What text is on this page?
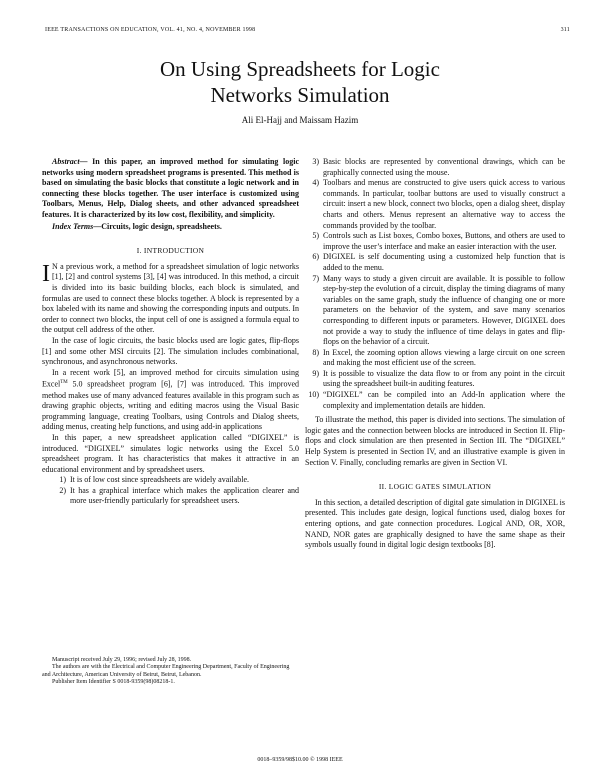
IEEE TRANSACTIONS ON EDUCATION, VOL. 41, NO. 4, NOVEMBER 1998	311
On Using Spreadsheets for Logic
Networks Simulation
Ali El-Hajj and Maissam Hazim

Abstract— In this paper, an improved method for simulating logic networks using modern spreadsheet programs is presented. This method is based on simulating the basic blocks that constitute a logic network and in connecting these blocks together. The user interface is customized using Toolbars, Menus, Help, Dialog sheets, and other advanced spreadsheet features. It is characterized by its low cost, flexibility, and simplicity.

Index Terms—Circuits, logic design, spreadsheets.

I. INTRODUCTION

I N a previous work, a method for a spreadsheet simulation of logic networks [1], [2] and control systems [3], [4] was introduced. In this method, a circuit is divided into its basic building blocks, each block is simulated, and formulas are used to connect these blocks together. A block is represented by a box labeled with its name and showing the corresponding inputs and outputs. In order to connect two blocks, the input cell of one is assigned a formula equal to the output cell address of the other.

In the case of logic circuits, the basic blocks used are logic gates, flip-flops [1] and some other MSI circuits [2]. The simulation includes combinational, synchronous, and asynchronous networks.

In a recent work [5], an improved method for circuits simulation using Excel™ 5.0 spreadsheet program [6], [7] was introduced. This improved method makes use of many advanced features available in this program such as drawing graphic objects, writing and editing macros using the Visual Basic programming language, creating Toolbars, using Controls and Dialog sheets, adding menus, creating help functions, and using add-in applications

In this paper, a new spreadsheet application called “DIGIXEL” is introduced. “DIGIXEL” simulates logic networks using the Excel 5.0 spreadsheet program. It has characteristics that makes it attractive in an educational environment and by spreadsheet users.

1) It is of low cost since spreadsheets are widely available.
2) It has a graphical interface which makes the application clearer and more user-friendly particularly for spreadsheet users.

Manuscript received July 29, 1996; revised July 28, 1998.

The authors are with the Electrical and Computer Engineering Department, Faculty of Engineering and Architecture, American University of Beirut, Beirut, Lebanon.

Publisher Item Identifier S 0018-9359(98)08218-1.

3) Basic blocks are represented by conventional drawings, which can be graphically connected using the mouse.
4) Toolbars and menus are constructed to give users quick access to various commands. In particular, toolbar buttons are used to visually construct a circuit: insert a new block, connect two blocks, open a dialog sheet, display charts and others. Menus represent an alternative way to access the commands provided by the toolbar.
5) Controls such as List boxes, Combo boxes, Buttons, and others are used to improve the user’s interface and make an easier interaction with the user.
6) DIGIXEL is self documenting using a customized help function that is added to the menu.
7) Many ways to study a given circuit are available. It is possible to follow step-by-step the evolution of a circuit, display the timing diagrams of many variables on the same graph, study the influence of changing one or more parameters on the behavior of the system, and save many scenarios corresponding to different inputs or parameters. However, DIGIXEL does not provide a way to study the influence of time delays in gates and flip-flops on the behavior of a circuit.
8) In Excel, the zooming option allows viewing a large circuit on one screen and making the most efficient use of the screen.
9) It is possible to visualize the data flow to or from any point in the circuit using the spreadsheet built-in auditing features.
10) “DIGIXEL” can be compiled into an Add-In application where the complexity and implementation details are hidden.

To illustrate the method, this paper is divided into sections. The simulation of logic gates and the connection between blocks are introduced in Section II. Flip-flops and clock simulation are then presented in Section III. The “DIGIXEL” Help System is presented in Section IV, and an illustrative example is given in Section V. Finally, concluding remarks are given in Section VI.

II. LOGIC GATES SIMULATION

In this section, a detailed description of digital gate simulation in DIGIXEL is presented. This includes gate design, logical functions used, dialog boxes for entering options, and gate connection procedures. Logical AND, OR, XOR, NAND, NOR gates are graphically designed to have the same shape as their symbols usually found in digital logic design textbooks [8].

0018–9359/98$10.00 © 1998 IEEE
